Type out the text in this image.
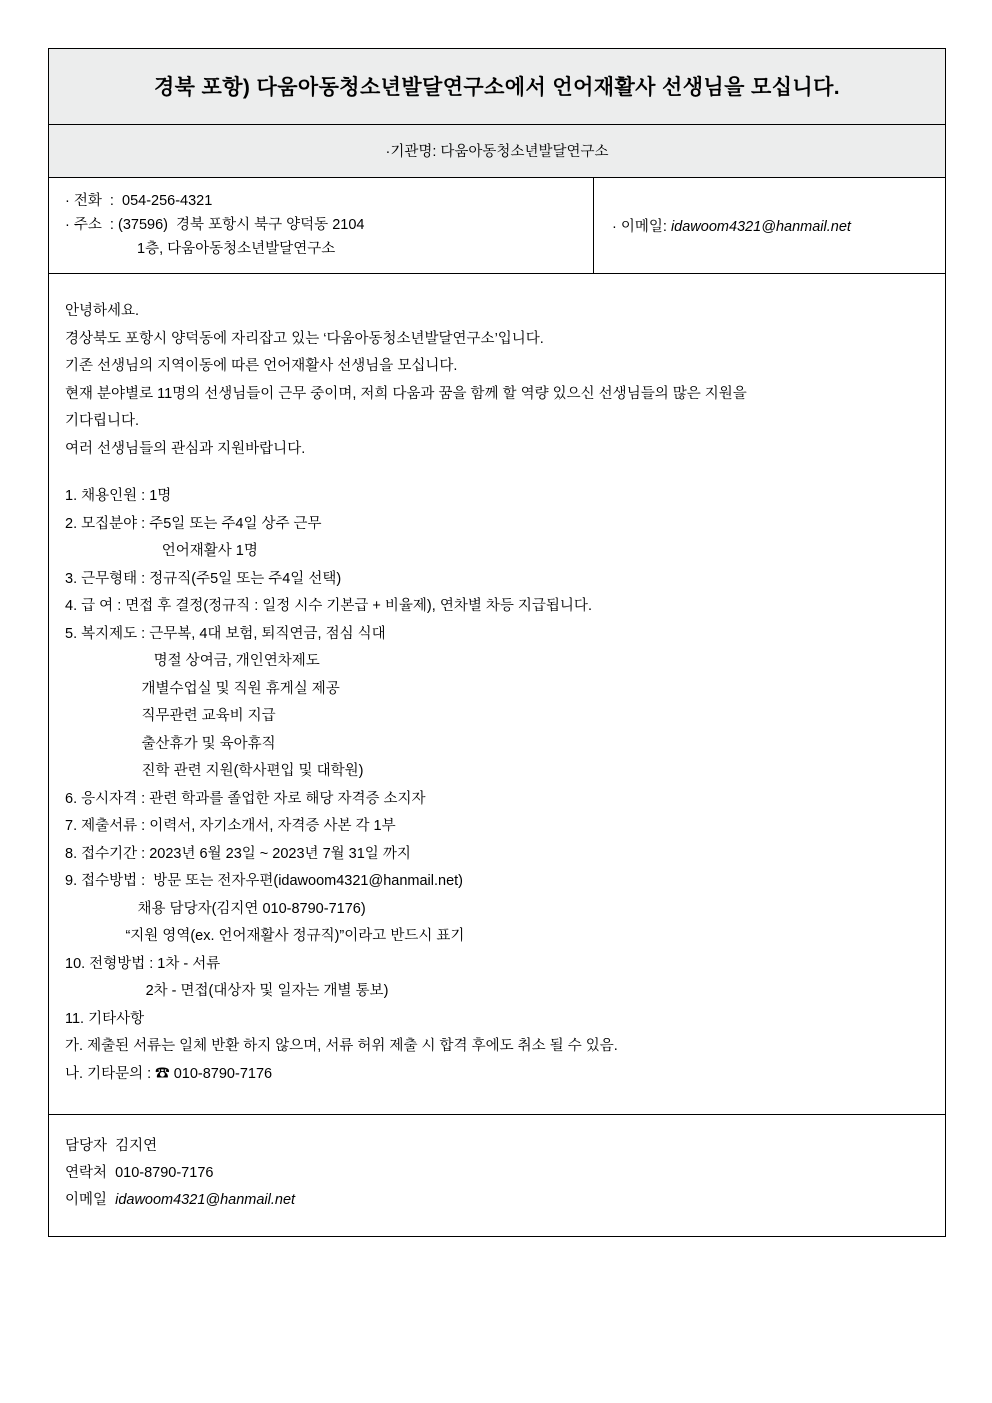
경북 포항) 다움아동청소년발달연구소에서 언어재활사 선생님을 모십니다.
·기관명: 다움아동청소년발달연구소
· 전화  :  054-256-4321
· 주소  : (37596)  경북 포항시 북구 양덕동 2104
1층, 다움아동청소년발달연구소
· 이메일: idawoom4321@hanmail.net
안녕하세요.
경상북도 포항시 양덕동에 자리잡고 있는 ‘다움아동청소년발달연구소’입니다.
기존 선생님의 지역이동에 따른 언어재활사 선생님을 모십니다.
현재 분야별로 11명의 선생님들이 근무 중이며, 저희 다움과 꿈을 함께 할 역량 있으신 선생님들의 많은 지원을
기다립니다.
여러 선생님들의 관심과 지원바랍니다.
1. 채용인원 : 1명
2. 모집분야 : 주5일 또는 주4일 상주 근무
언어재활사 1명
3. 근무형태 : 정규직(주5일 또는 주4일 선택)
4. 급 여 : 면접 후 결정(정규직 : 일정 시수 기본급 + 비율제), 연차별 차등 지급됩니다.
5. 복지제도 : 근무복, 4대 보험, 퇴직연금, 점심 식대
명절 상여금, 개인연차제도
개별수업실 및 직원 휴게실 제공
직무관련 교육비 지급
출산휴가 및 육아휴직
진학 관련 지원(학사편입 및 대학원)
6. 응시자격 : 관련 학과를 졸업한 자로 해당 자격증 소지자
7. 제출서류 : 이력서, 자기소개서, 자격증 사본 각 1부
8. 접수기간 : 2023년 6월 23일 ~ 2023년 7월 31일 까지
9. 접수방법 :  방문 또는 전자우편(idawoom4321@hanmail.net)
채용 담당자(김지연 010-8790-7176)
“지원 영역(ex. 언어재활사 정규직)”이라고 반드시 표기
10. 전형방법 : 1차 - 서류
2차 - 면접(대상자 및 일자는 개별 통보)
11. 기타사항
가. 제출된 서류는 일체 반환 하지 않으며, 서류 허위 제출 시 합격 후에도 취소 될 수 있음.
나. 기타문의 : ☎ 010-8790-7176
담당자  김지연
연락처  010-8790-7176
이메일 idawoom4321@hanmail.net
